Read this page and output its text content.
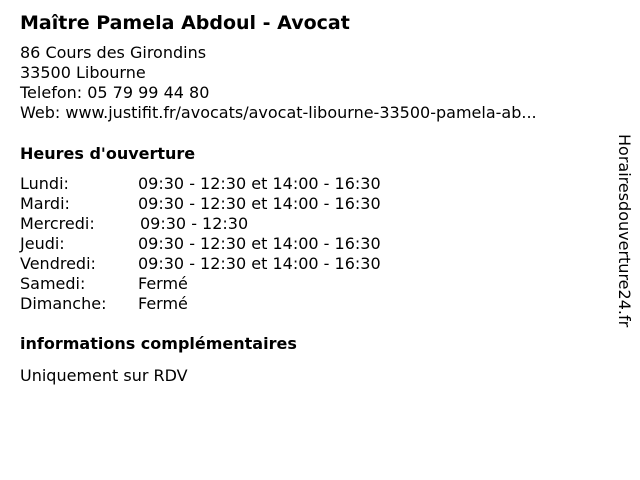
Maître Pamela Abdoul - Avocat
86 Cours des Girondins
33500 Libourne
Telefon: 05 79 99 44 80
Web: www.justifit.fr/avocats/avocat-libourne-33500-pamela-ab...
Heures d'ouverture
Lundi:	09:30 - 12:30 et 14:00 - 16:30
Mardi:	09:30 - 12:30 et 14:00 - 16:30
Mercredi:	09:30 - 12:30
Jeudi:	09:30 - 12:30 et 14:00 - 16:30
Vendredi:	09:30 - 12:30 et 14:00 - 16:30
Samedi:	Fermé
Dimanche: Fermé
informations complémentaires
Uniquement sur RDV
Horairesdouverture24.fr
